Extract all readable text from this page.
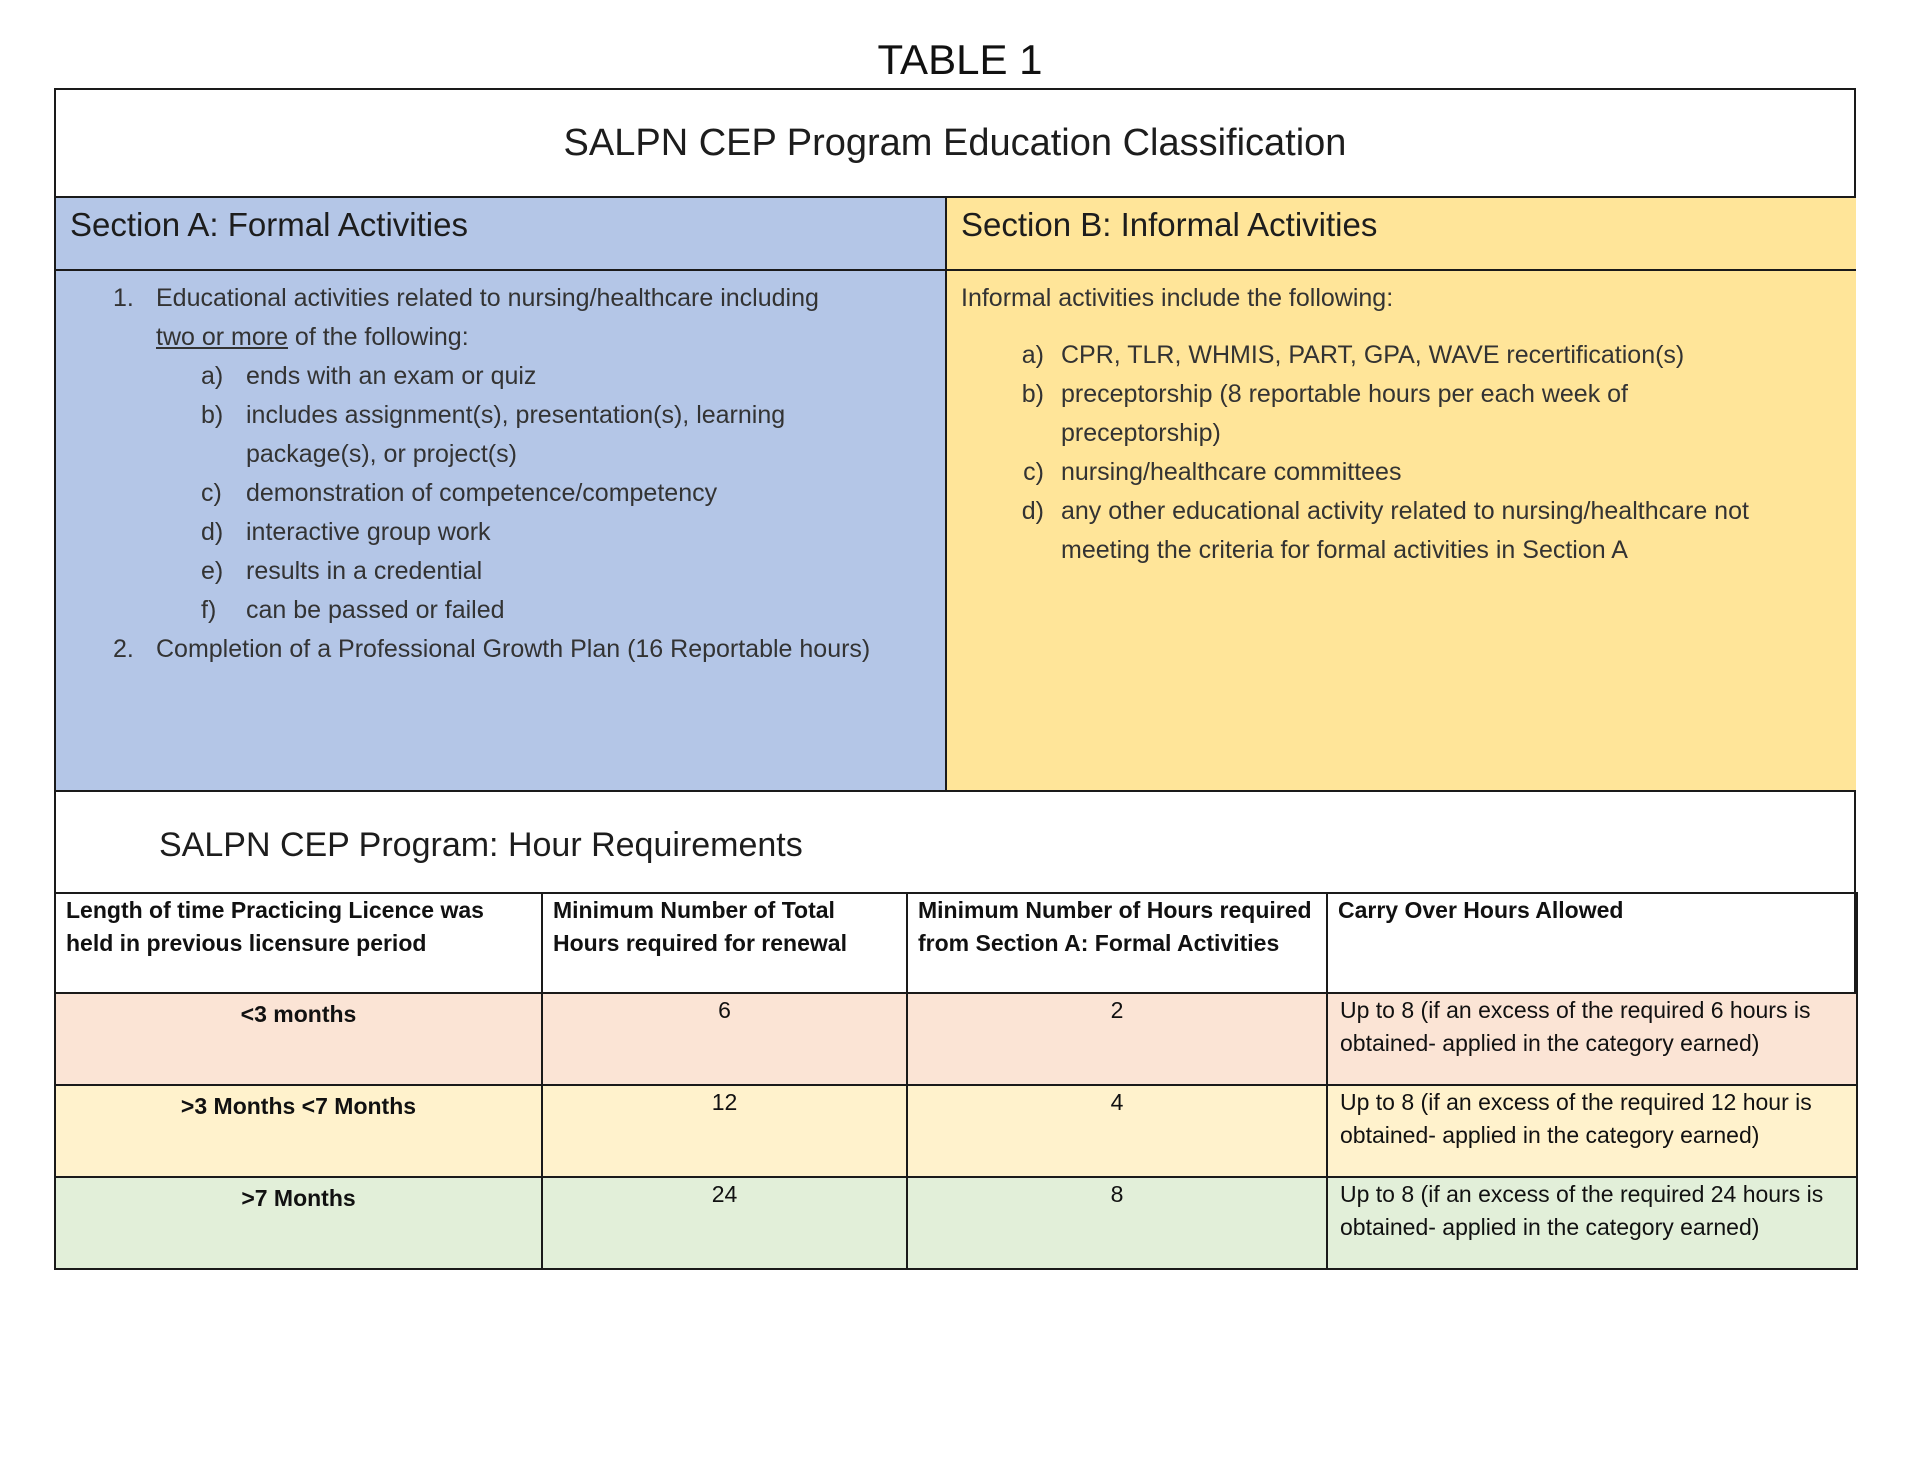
TABLE 1
SALPN CEP Program Education Classification
Section A: Formal Activities
1. Educational activities related to nursing/healthcare including
two or more of the following:
a) ends with an exam or quiz
b) includes assignment(s), presentation(s), learning package(s), or project(s)
c) demonstration of competence/competency
d) interactive group work
e) results in a credential
f) can be passed or failed
2. Completion of a Professional Growth Plan (16 Reportable hours)
Section B: Informal Activities
Informal activities include the following:
a) CPR, TLR, WHMIS, PART, GPA, WAVE recertification(s)
b) preceptorship (8 reportable hours per each week of preceptorship)
c) nursing/healthcare committees
d) any other educational activity related to nursing/healthcare not meeting the criteria for formal activities in Section A
SALPN CEP Program: Hour Requirements
Length of time Practicing Licence was held in previous licensure period	Minimum Number of Total Hours required for renewal	Minimum Number of Hours required from Section A: Formal Activities	Carry Over Hours Allowed
<3 months	6	2	Up to 8 (if an excess of the required 6 hours is obtained- applied in the category earned)
>3 Months <7 Months	12	4	Up to 8 (if an excess of the required 12 hour is obtained- applied in the category earned)
>7 Months	24	8	Up to 8 (if an excess of the required 24 hours is obtained- applied in the category earned)
